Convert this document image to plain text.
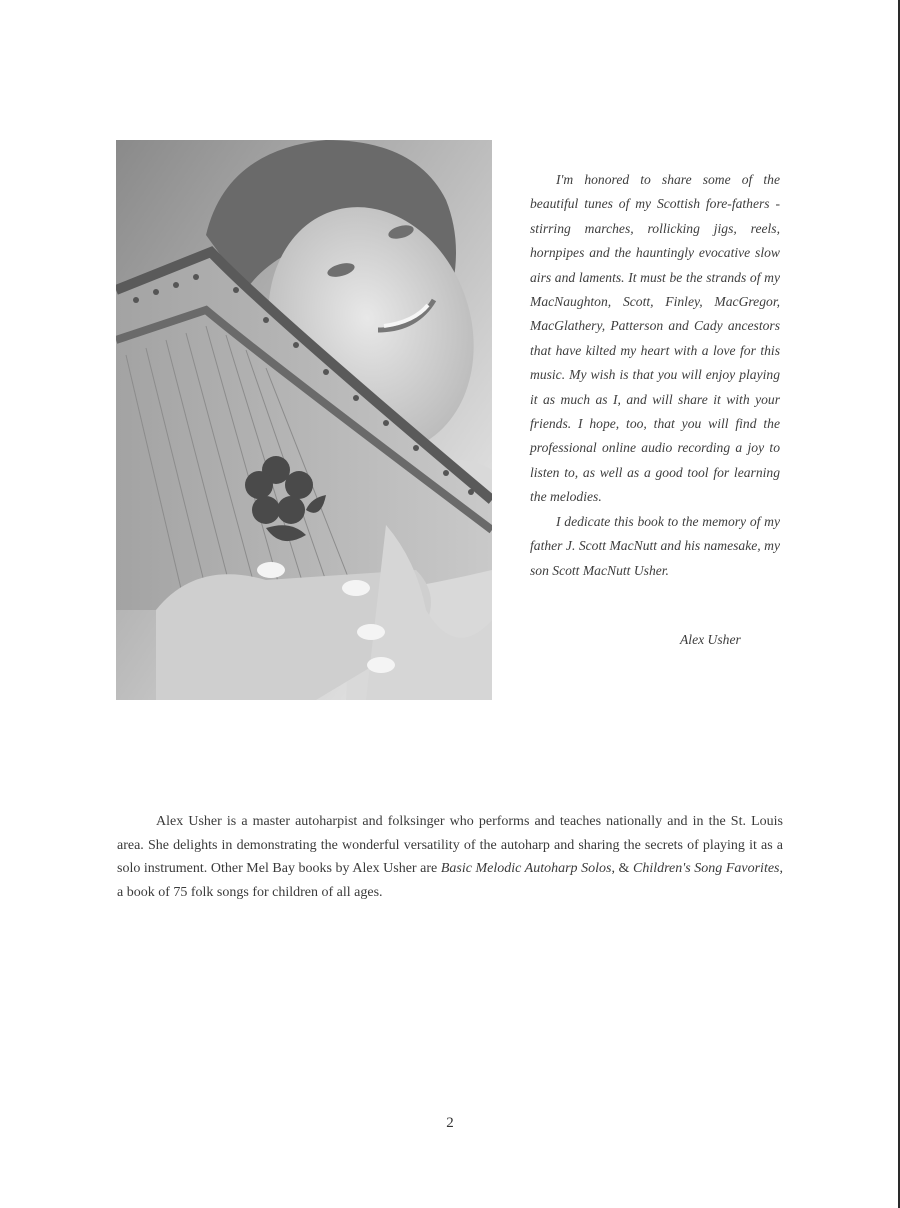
I'm honored to share some of the beautiful tunes of my Scottish fore-fathers - stirring marches, rollicking jigs, reels, hornpipes and the hauntingly evocative slow airs and laments. It must be the strands of my MacNaughton, Scott, Finley, MacGregor, MacGlathery, Patterson and Cady ancestors that have kilted my heart with a love for this music. My wish is that you will enjoy playing it as much as I, and will share it with your friends. I hope, too, that you will find the professional online audio recording a joy to listen to, as well as a good tool for learning the melodies.

I dedicate this book to the memory of my father J. Scott MacNutt and his namesake, my son Scott MacNutt Usher.

Alex Usher

Alex Usher is a master autoharpist and folksinger who performs and teaches nationally and in the St. Louis area. She delights in demonstrating the wonderful versatility of the autoharp and sharing the secrets of playing it as a solo instrument. Other Mel Bay books by Alex Usher are Basic Melodic Autoharp Solos, & Children's Song Favorites, a book of 75 folk songs for children of all ages.

2
